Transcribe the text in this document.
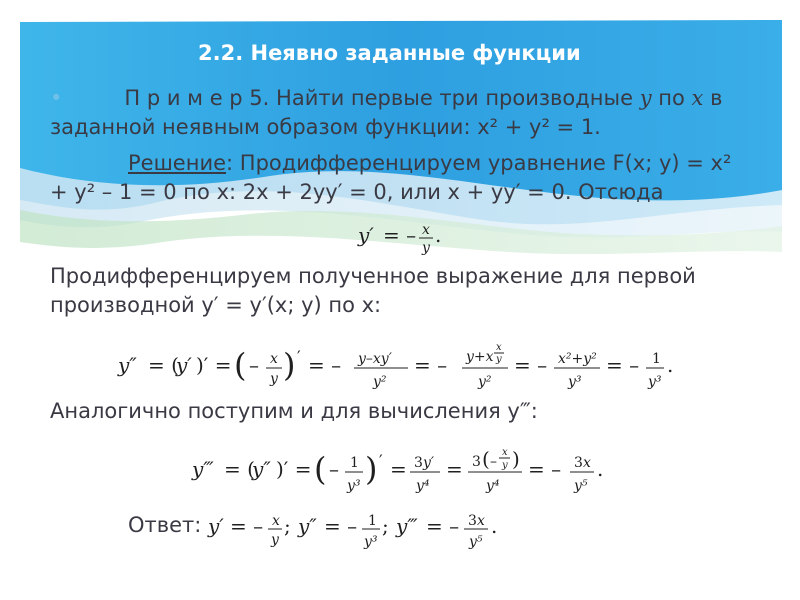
2.2. Неявно заданные функции
•	П р и м е р 5. Найти первые три производные y по x в
заданной неявным образом функции: x² + y² = 1.
Решение: Продифференцируем уравнение F(x; y) = x²
+ y² – 1 = 0 по x: 2x + 2yy′ = 0, или x + yy′ = 0. Отсюда
y′ = – x
y
.
Продифференцируем полученное выражение для первой
производной y′ = y′(x; y) по x:
y″ = (
y′ )′ = ( – x
y ) ′ = – y–xy′
y²
= – y+x
x
y
y²
= – x²+y²
y³
= – 1
y³
.
Аналогично поступим и для вычисления y‴:
y‴ = (
y″ )′ = ( – 1
y³ ) ′ = 3 y′
y⁴
= 3 ( –
x
y )
y⁴
= – 3 x
y⁵
.
Ответ: y′ = – x
y
; y″ = – 1
y³
; y‴ = – 3 x
y⁵
.
